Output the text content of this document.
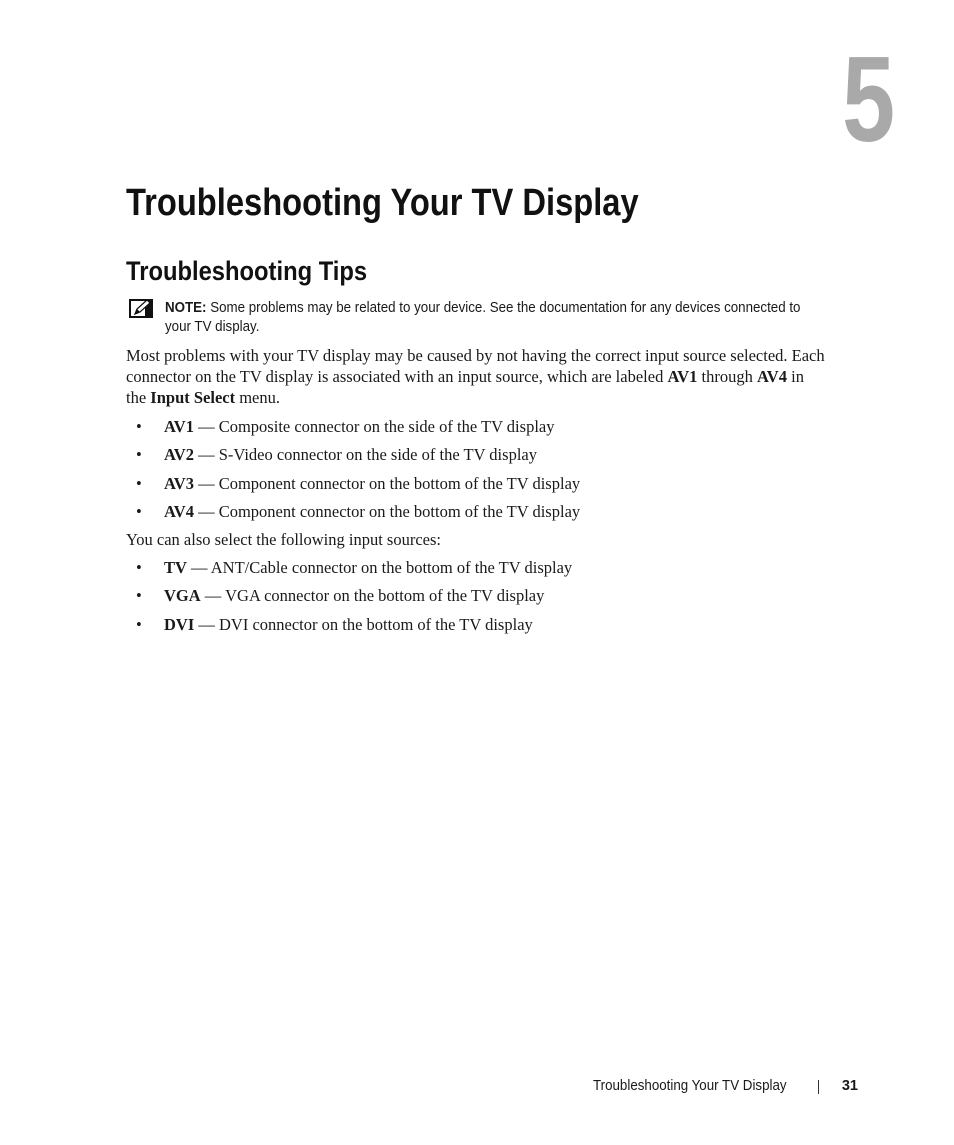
5
Troubleshooting Your TV Display
Troubleshooting Tips
NOTE: Some problems may be related to your device. See the documentation for any devices connected to your TV display.

Most problems with your TV display may be caused by not having the correct input source selected. Each connector on the TV display is associated with an input source, which are labeled AV1 through AV4 in the Input Select menu.

• AV1 — Composite connector on the side of the TV display
• AV2 — S-Video connector on the side of the TV display
• AV3 — Component connector on the bottom of the TV display
• AV4 — Component connector on the bottom of the TV display

You can also select the following input sources:

• TV — ANT/Cable connector on the bottom of the TV display
• VGA — VGA connector on the bottom of the TV display
• DVI — DVI connector on the bottom of the TV display
Troubleshooting Your TV Display	31
